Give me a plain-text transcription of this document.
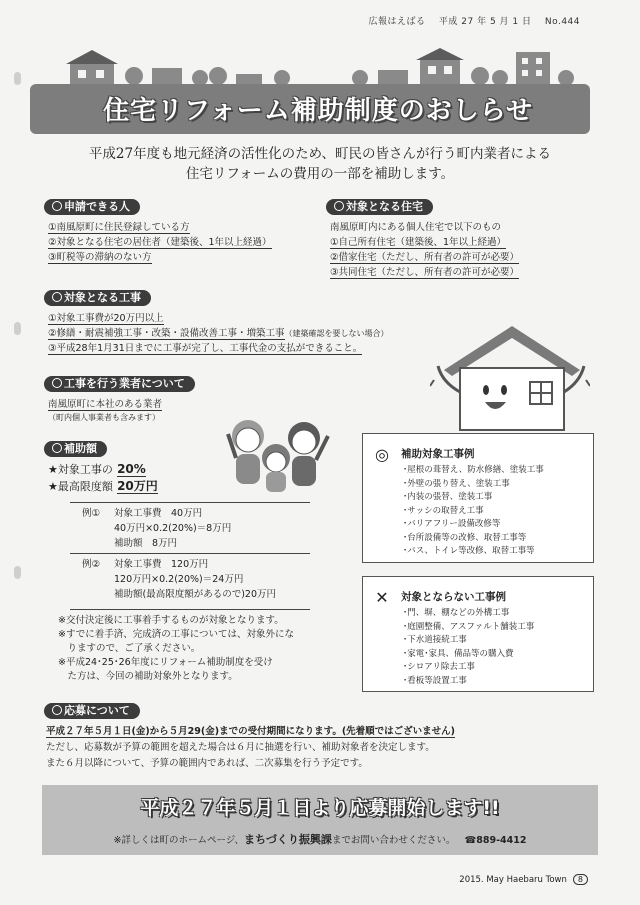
広報はえばる 平成 27 年 5 月 1 日 No.444
住宅リフォーム補助制度のおしらせ
平成27年度も地元経済の活性化のため、町民の皆さんが行う町内業者による
住宅リフォームの費用の一部を補助します。
申請できる人
①南風原町に住民登録している方
②対象となる住宅の居住者（建築後、1年以上経過）
③町税等の滞納のない方
対象となる住宅
南風原町内にある個人住宅で以下のもの
①自己所有住宅（建築後、1年以上経過）
②借家住宅（ただし、所有者の許可が必要）
③共同住宅（ただし、所有者の許可が必要）
対象となる工事
①対象工事費が20万円以上
②修繕・耐震補強工事・改築・設備改善工事・増築工事（建築確認を要しない場合）
③平成28年1月31日までに工事が完了し、工事代金の支払ができること。
工事を行う業者について
南風原町に本社のある業者
（町内個人事業者も含みます）
補助額
★対象工事の 20%
★最高限度額 20万円
例① 対象工事費　40万円
40万円×0.2(20%)＝8万円
補助額　8万円
例② 対象工事費　120万円
120万円×0.2(20%)＝24万円
補助額(最高限度額があるので)20万円
※交付決定後に工事着手するものが対象となります。
※すでに着手済、完成済の工事については、対象外にな
　りますので、ご了承ください。
※平成24･25･26年度にリフォーム補助制度を受け
　た方は、今回の補助対象外となります。
◎	補助対象工事例
･屋根の葺替え、防水修繕、塗装工事
･外壁の張り替え、塗装工事
･内装の張替、塗装工事
･サッシの取替え工事
･バリアフリー設備改修等
･台所設備等の改修、取替工事等
･バス、トイレ等改修、取替工事等
✕	対象とならない工事例
･門、塀、棚などの外構工事
･庭園整備、アスファルト舗装工事
･下水道接続工事
･家電･家具、備品等の購入費
･シロアリ除去工事
･看板等設置工事
応募について
平成２７年５月１日(金)から５月29(金)までの受付期間になります。(先着順ではございません)
ただし、応募数が予算の範囲を超えた場合は６月に抽選を行い、補助対象者を決定します。
また６月以降について、予算の範囲内であれば、二次募集を行う予定です。
平成２７年５月１日より応募開始します!!
※詳しくは町のホームページ、まちづくり振興課までお問い合わせください。 ☎889-4412
2015. May Haebaru Town 8
